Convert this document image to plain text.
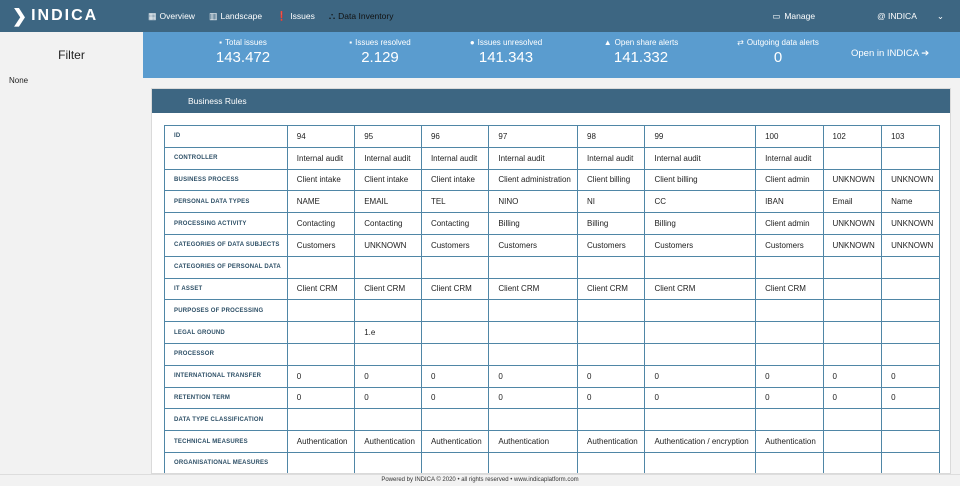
❯ INDICA	▦ Overview ▥ Landscape ❗ Issues ⛬ Data Inventory	▭ Manage	@ INDICA ⌄
Filter
None
Open in INDICA ➔
▪ Total issues
143.472
▪ Issues resolved
2.129
● Issues unresolved
141.343
▲ Open share alerts
141.332
⇄ Outgoing data alerts
0
Business Rules
ID	94	95	96	97	98	99	100	102	103
CONTROLLER	Internal audit	Internal audit	Internal audit	Internal audit	Internal audit	Internal audit	Internal audit		
BUSINESS PROCESS	Client intake	Client intake	Client intake	Client administration	Client billing	Client billing	Client admin	UNKNOWN	UNKNOWN
PERSONAL DATA TYPES	NAME	EMAIL	TEL	NINO	NI	CC	IBAN	Email	Name
PROCESSING ACTIVITY	Contacting	Contacting	Contacting	Billing	Billing	Billing	Client admin	UNKNOWN	UNKNOWN
CATEGORIES OF DATA SUBJECTS	Customers	UNKNOWN	Customers	Customers	Customers	Customers	Customers	UNKNOWN	UNKNOWN
CATEGORIES OF PERSONAL DATA									
IT ASSET	Client CRM	Client CRM	Client CRM	Client CRM	Client CRM	Client CRM	Client CRM		
PURPOSES OF PROCESSING									
LEGAL GROUND		1.e							
PROCESSOR									
INTERNATIONAL TRANSFER	0	0	0	0	0	0	0	0	0
RETENTION TERM	0	0	0	0	0	0	0	0	0
DATA TYPE CLASSIFICATION									
TECHNICAL MEASURES	Authentication	Authentication	Authentication	Authentication	Authentication	Authentication / encryption	Authentication		
ORGANISATIONAL MEASURES									

Powered by INDICA © 2020 • all rights reserved • www.indicaplatform.com
